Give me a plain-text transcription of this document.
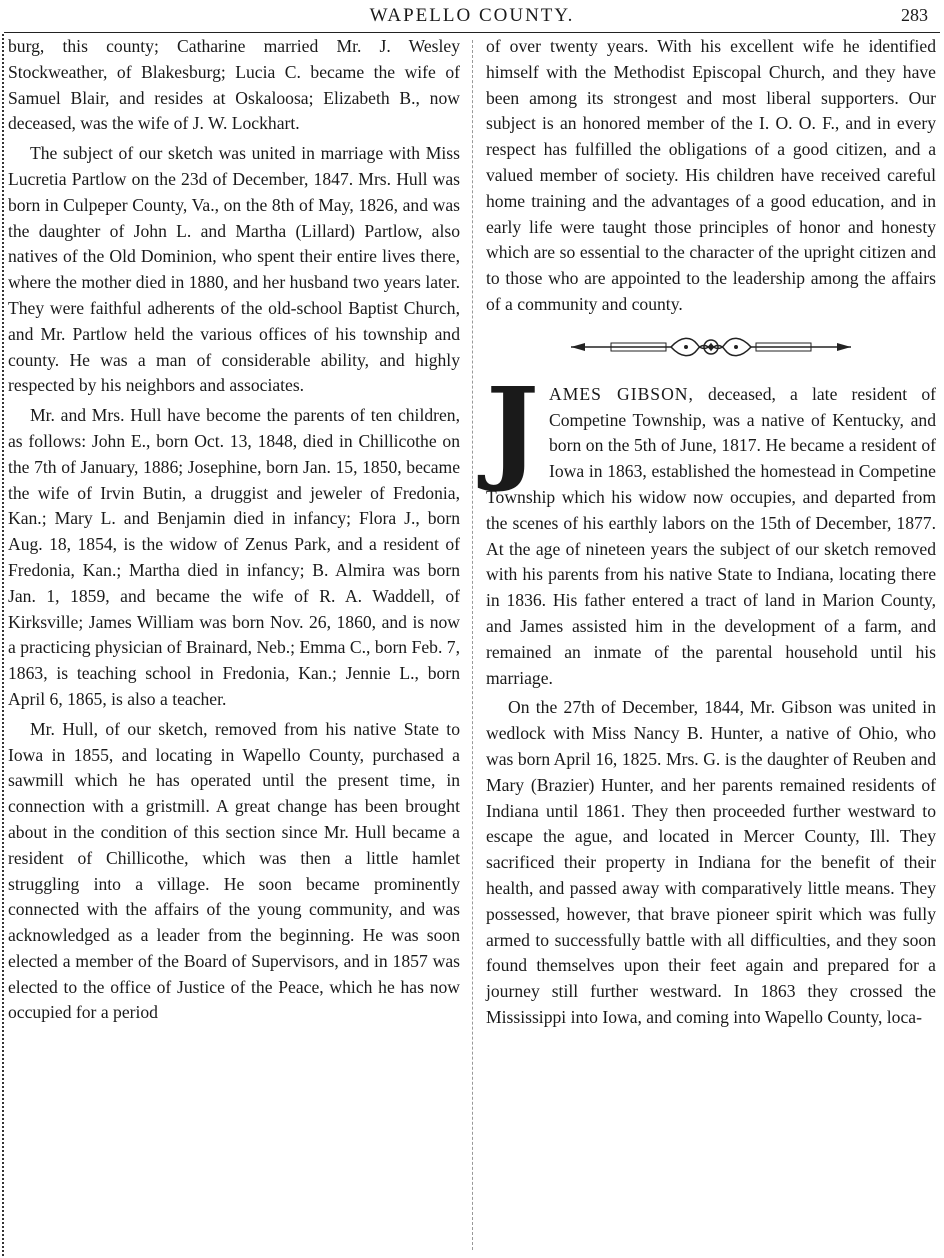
WAPELLO COUNTY.	283

burg, this county; Catharine married Mr. J. Wesley Stockweather, of Blakesburg; Lucia C. became the wife of Samuel Blair, and resides at Oskaloosa; Elizabeth B., now deceased, was the wife of J. W. Lockhart.

The subject of our sketch was united in marriage with Miss Lucretia Partlow on the 23d of December, 1847. Mrs. Hull was born in Culpeper County, Va., on the 8th of May, 1826, and was the daughter of John L. and Martha (Lillard) Partlow, also natives of the Old Dominion, who spent their entire lives there, where the mother died in 1880, and her husband two years later. They were faithful adherents of the old-school Baptist Church, and Mr. Partlow held the various offices of his township and county. He was a man of considerable ability, and highly respected by his neighbors and associates.

Mr. and Mrs. Hull have become the parents of ten children, as follows: John E., born Oct. 13, 1848, died in Chillicothe on the 7th of January, 1886; Josephine, born Jan. 15, 1850, became the wife of Irvin Butin, a druggist and jeweler of Fredonia, Kan.; Mary L. and Benjamin died in infancy; Flora J., born Aug. 18, 1854, is the widow of Zenus Park, and a resident of Fredonia, Kan.; Martha died in infancy; B. Almira was born Jan. 1, 1859, and became the wife of R. A. Waddell, of Kirksville; James William was born Nov. 26, 1860, and is now a practicing physician of Brainard, Neb.; Emma C., born Feb. 7, 1863, is teaching school in Fredonia, Kan.; Jennie L., born April 6, 1865, is also a teacher.

Mr. Hull, of our sketch, removed from his native State to Iowa in 1855, and locating in Wapello County, purchased a sawmill which he has operated until the present time, in connection with a gristmill. A great change has been brought about in the condition of this section since Mr. Hull became a resident of Chillicothe, which was then a little hamlet struggling into a village. He soon became prominently connected with the affairs of the young community, and was acknowledged as a leader from the beginning. He was soon elected a member of the Board of Supervisors, and in 1857 was elected to the office of Justice of the Peace, which he has now occupied for a period

of over twenty years. With his excellent wife he identified himself with the Methodist Episcopal Church, and they have been among its strongest and most liberal supporters. Our subject is an honored member of the I. O. O. F., and in every respect has fulfilled the obligations of a good citizen, and a valued member of society. His children have received careful home training and the advantages of a good education, and in early life were taught those principles of honor and honesty which are so essential to the character of the upright citizen and to those who are appointed to the leadership among the affairs of a community and county.

JAMES GIBSON, deceased, a late resident of Competine Township, was a native of Kentucky, and born on the 5th of June, 1817. He became a resident of Iowa in 1863, established the homestead in Competine Township which his widow now occupies, and departed from the scenes of his earthly labors on the 15th of December, 1877. At the age of nineteen years the subject of our sketch removed with his parents from his native State to Indiana, locating there in 1836. His father entered a tract of land in Marion County, and James assisted him in the development of a farm, and remained an inmate of the parental household until his marriage.

On the 27th of December, 1844, Mr. Gibson was united in wedlock with Miss Nancy B. Hunter, a native of Ohio, who was born April 16, 1825. Mrs. G. is the daughter of Reuben and Mary (Brazier) Hunter, and her parents remained residents of Indiana until 1861. They then proceeded further westward to escape the ague, and located in Mercer County, Ill. They sacrificed their property in Indiana for the benefit of their health, and passed away with comparatively little means. They possessed, however, that brave pioneer spirit which was fully armed to successfully battle with all difficulties, and they soon found themselves upon their feet again and prepared for a journey still further westward. In 1863 they crossed the Mississippi into Iowa, and coming into Wapello County, loca-
